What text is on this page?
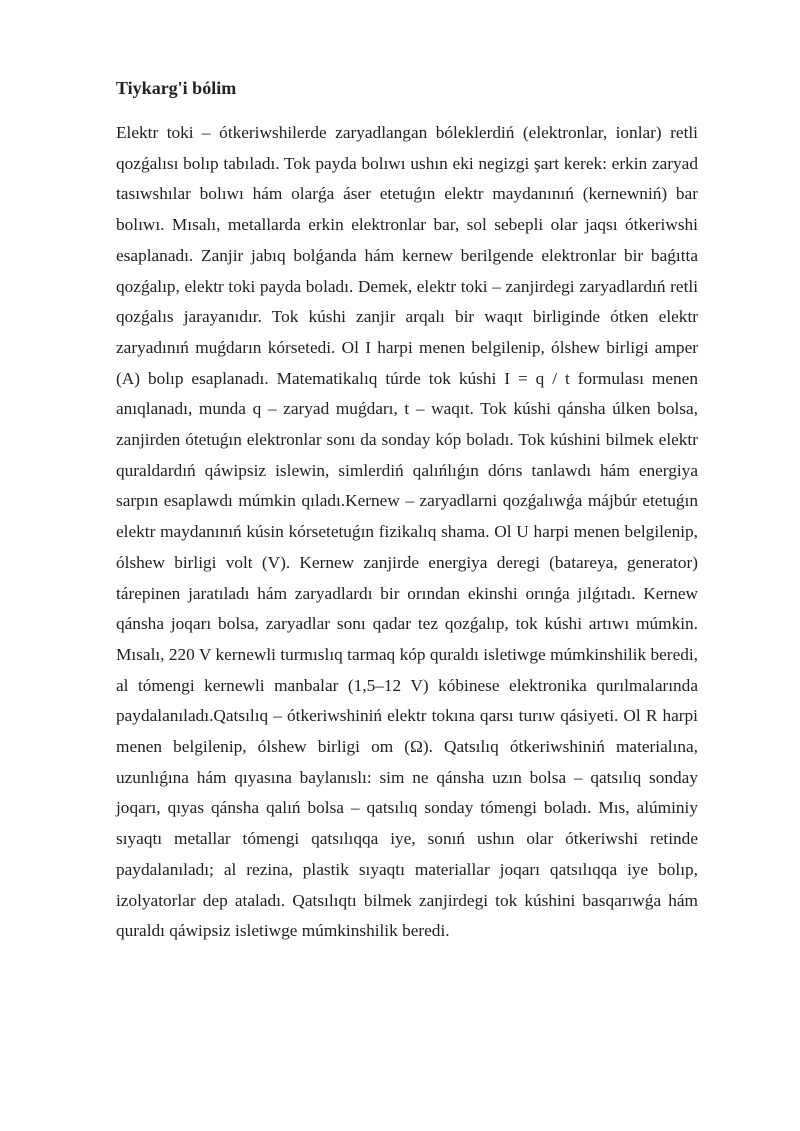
Tiykarg'i bólim

Elektr toki – ótkeriwshilerde zaryadlangan bóleklerdiń (elektronlar, ionlar) retli qozǵalısı bolıp tabıladı. Tok payda bolıwı ushın eki negizgi şart kerek: erkin zaryad tasıwshılar bolıwı hám olarǵa áser etetuǵın elektr maydanınıń (kernewniń) bar bolıwı. Mısalı, metallarda erkin elektronlar bar, sol sebepli olar jaqsı ótkeriwshi esaplanadı. Zanjir jabıq bolǵanda hám kernew berilgende elektronlar bir baǵıtta qozǵalıp, elektr toki payda boladı. Demek, elektr toki – zanjirdegi zaryadlardıń retli qozǵalıs jarayanıdır. Tok kúshi zanjir arqalı bir waqıt birliginde ótken elektr zaryadınıń muǵdarın kórsetedi. Ol I harpi menen belgilenip, ólshew birligi amper (A) bolıp esaplanadı. Matematikalıq túrde tok kúshi I = q / t formulası menen anıqlanadı, munda q – zaryad muǵdarı, t – waqıt. Tok kúshi qánsha úlken bolsa, zanjirden ótetuǵın elektronlar sonı da sonday kóp boladı. Tok kúshini bilmek elektr quraldardıń qáwipsiz islewin, simlerdiń qalıńlıǵın dórıs tanlawdı hám energiya sarpın esaplawdı múmkin qıladı.Kernew – zaryadlarni qozǵalıwǵa májbúr etetuǵın elektr maydanınıń kúsin kórsetetuǵın fizikalıq shama. Ol U harpi menen belgilenip, ólshew birligi volt (V). Kernew zanjirde energiya deregi (batareya, generator) tárepinen jaratıladı hám zaryadlardı bir orından ekinshi orınǵa jılǵıtadı. Kernew qánsha joqarı bolsa, zaryadlar sonı qadar tez qozǵalıp, tok kúshi artıwı múmkin. Mısalı, 220 V kernewli turmıslıq tarmaq kóp quraldı isletiwge múmkinshilik beredi, al tómengi kernewli manbalar (1,5–12 V) kóbinese elektronika qurılmalarında paydalanıladı.Qatsılıq – ótkeriwshiniń elektr tokına qarsı turıw qásiyeti. Ol R harpi menen belgilenip, ólshew birligi om (Ω). Qatsılıq ótkeriwshiniń materialına, uzunlıǵına hám qıyasına baylanıslı: sim ne qánsha uzın bolsa – qatsılıq sonday joqarı, qıyas qánsha qalıń bolsa – qatsılıq sonday tómengi boladı. Mıs, alúminiy sıyaqtı metallar tómengi qatsılıqqa iye, sonıń ushın olar ótkeriwshi retinde paydalanıladı; al rezina, plastik sıyaqtı materiallar joqarı qatsılıqqa iye bolıp, izolyatorlar dep ataladı. Qatsılıqtı bilmek zanjirdegi tok kúshini basqarıwǵa hám quraldı qáwipsiz isletiwge múmkinshilik beredi.
